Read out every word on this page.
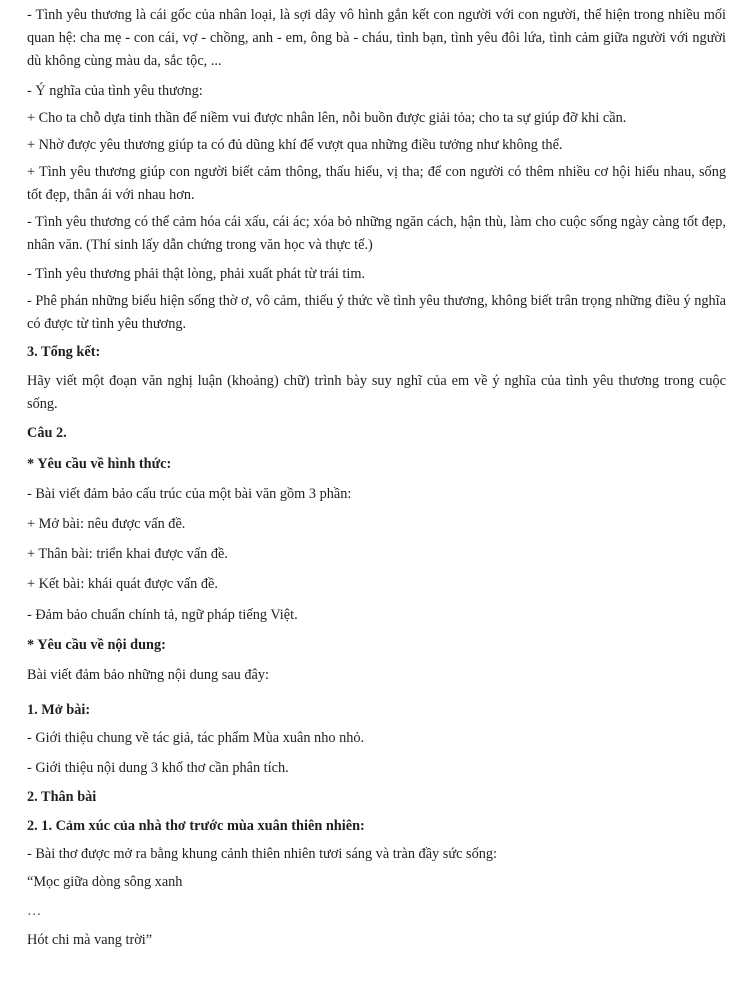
- Tình yêu thương là cái gốc của nhân loại, là sợi dây vô hình gắn kết con người với con người, thể hiện trong nhiều mối quan hệ: cha mẹ - con cái, vợ - chồng, anh - em, ông bà - cháu, tình bạn, tình yêu đôi lứa, tình cảm giữa người với người dù không cùng màu da, sắc tộc, ...

- Ý nghĩa của tình yêu thương:

+ Cho ta chỗ dựa tinh thần để niềm vui được nhân lên, nỗi buồn được giải tỏa; cho ta sự giúp đỡ khi cần.

+ Nhờ được yêu thương giúp ta có đủ dũng khí để vượt qua những điều tưởng như không thể.

+ Tình yêu thương giúp con người biết cảm thông, thấu hiểu, vị tha; để con người có thêm nhiều cơ hội hiểu nhau, sống tốt đẹp, thân ái với nhau hơn.

- Tình yêu thương có thể cảm hóa cái xấu, cái ác; xóa bỏ những ngăn cách, hận thù, làm cho cuộc sống ngày càng tốt đẹp, nhân văn. (Thí sinh lấy dẫn chứng trong văn học và thực tế.)

- Tình yêu thương phải thật lòng, phải xuất phát từ trái tim.

- Phê phán những biểu hiện sống thờ ơ, vô cảm, thiếu ý thức về tình yêu thương, không biết trân trọng những điều ý nghĩa có được từ tình yêu thương.

3. Tổng kết:

Hãy viết một đoạn văn nghị luận (khoảng) chữ) trình bày suy nghĩ của em về ý nghĩa của tình yêu thương trong cuộc sống.

Câu 2.

* Yêu cầu về hình thức:

- Bài viết đảm bảo cấu trúc của một bài văn gồm 3 phần:

+ Mở bài: nêu được vấn đề.

+ Thân bài: triển khai được vấn đề.

+ Kết bài: khái quát được vấn đề.

- Đảm bảo chuẩn chính tả, ngữ pháp tiếng Việt.

* Yêu cầu về nội dung:

Bài viết đảm bảo những nội dung sau đây:

1. Mở bài:

- Giới thiệu chung về tác giả, tác phẩm Mùa xuân nho nhỏ.

- Giới thiệu nội dung 3 khổ thơ cần phân tích.

2. Thân bài

2. 1. Cảm xúc của nhà thơ trước mùa xuân thiên nhiên:

- Bài thơ được mở ra bằng khung cảnh thiên nhiên tươi sáng và tràn đầy sức sống:

“Mọc giữa dòng sông xanh

…

Hót chi mà vang trời”
